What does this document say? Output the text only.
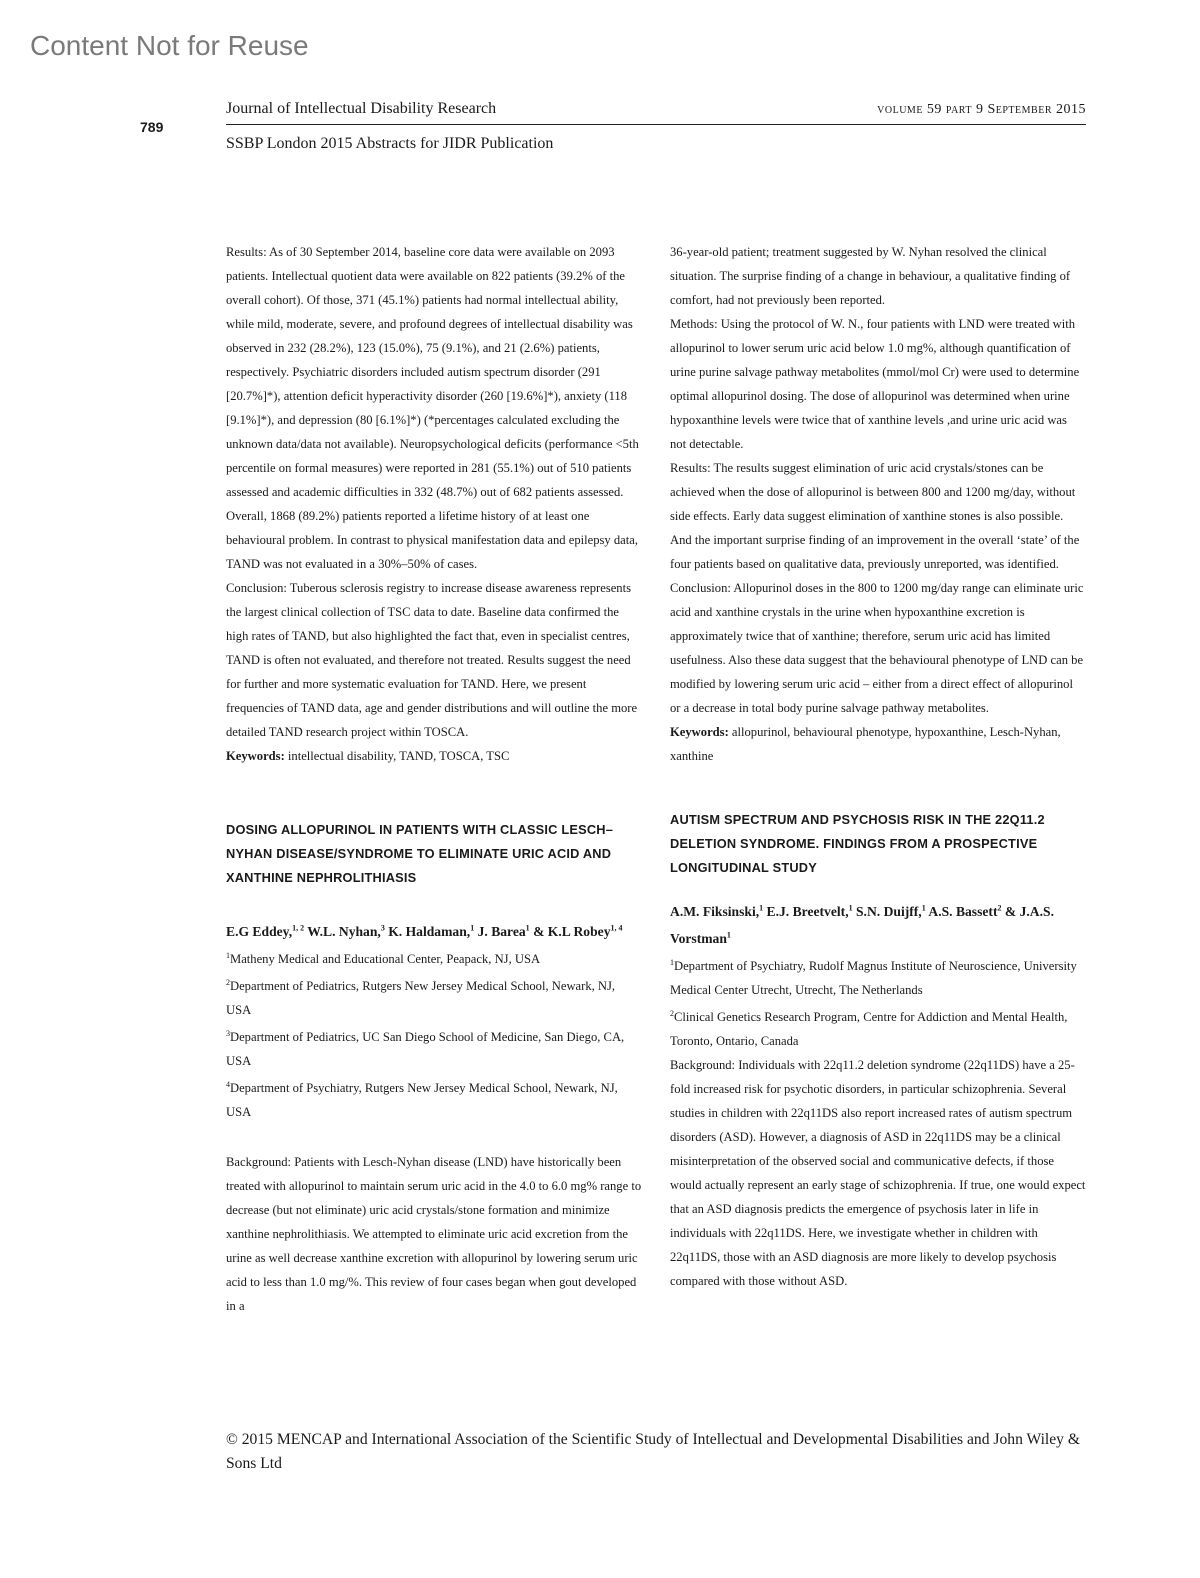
Content Not for Reuse
789
Journal of Intellectual Disability Research	volume 59 part 9 September 2015
SSBP London 2015 Abstracts for JIDR Publication

Results: As of 30 September 2014, baseline core data were available on 2093 patients. Intellectual quotient data were available on 822 patients (39.2% of the overall cohort). Of those, 371 (45.1%) patients had normal intellectual ability, while mild, moderate, severe, and profound degrees of intellectual disability was observed in 232 (28.2%), 123 (15.0%), 75 (9.1%), and 21 (2.6%) patients, respectively. Psychiatric disorders included autism spectrum disorder (291 [20.7%]*), attention deficit hyperactivity disorder (260 [19.6%]*), anxiety (118 [9.1%]*), and depression (80 [6.1%]*) (*percentages calculated excluding the unknown data/data not available). Neuropsychological deficits (performance <5th percentile on formal measures) were reported in 281 (55.1%) out of 510 patients assessed and academic difficulties in 332 (48.7%) out of 682 patients assessed. Overall, 1868 (89.2%) patients reported a lifetime history of at least one behavioural problem. In contrast to physical manifestation data and epilepsy data, TAND was not evaluated in a 30%–50% of cases.

Conclusion: Tuberous sclerosis registry to increase disease awareness represents the largest clinical collection of TSC data to date. Baseline data confirmed the high rates of TAND, but also highlighted the fact that, even in specialist centres, TAND is often not evaluated, and therefore not treated. Results suggest the need for further and more systematic evaluation for TAND. Here, we present frequencies of TAND data, age and gender distributions and will outline the more detailed TAND research project within TOSCA.

Keywords: intellectual disability, TAND, TOSCA, TSC

DOSING ALLOPURINOL IN PATIENTS WITH CLASSIC LESCH–NYHAN DISEASE/SYNDROME TO ELIMINATE URIC ACID AND XANTHINE NEPHROLITHIASIS
E.G Eddey,$^{1, 2}$ W.L. Nyhan,$^3$ K. Haldaman,$^1$ J. Barea$^1$ & K.L Robey$^{1, 4}$
$^1$Matheny Medical and Educational Center, Peapack, NJ, USA
$^2$Department of Pediatrics, Rutgers New Jersey Medical School, Newark, NJ, USA
$^3$Department of Pediatrics, UC San Diego School of Medicine, San Diego, CA, USA
$^4$Department of Psychiatry, Rutgers New Jersey Medical School, Newark, NJ, USA

Background: Patients with Lesch-Nyhan disease (LND) have historically been treated with allopurinol to maintain serum uric acid in the 4.0 to 6.0 mg% range to decrease (but not eliminate) uric acid crystals/stone formation and minimize xanthine nephrolithiasis. We attempted to eliminate uric acid excretion from the urine as well decrease xanthine excretion with allopurinol by lowering serum uric acid to less than 1.0 mg/%. This review of four cases began when gout developed in a

36-year-old patient; treatment suggested by W. Nyhan resolved the clinical situation. The surprise finding of a change in behaviour, a qualitative finding of comfort, had not previously been reported.

Methods: Using the protocol of W. N., four patients with LND were treated with allopurinol to lower serum uric acid below 1.0 mg%, although quantification of urine purine salvage pathway metabolites (mmol/mol Cr) were used to determine optimal allopurinol dosing. The dose of allopurinol was determined when urine hypoxanthine levels were twice that of xanthine levels ,and urine uric acid was not detectable.

Results: The results suggest elimination of uric acid crystals/stones can be achieved when the dose of allopurinol is between 800 and 1200 mg/day, without side effects. Early data suggest elimination of xanthine stones is also possible. And the important surprise finding of an improvement in the overall ‘state’ of the four patients based on qualitative data, previously unreported, was identified.

Conclusion: Allopurinol doses in the 800 to 1200 mg/day range can eliminate uric acid and xanthine crystals in the urine when hypoxanthine excretion is approximately twice that of xanthine; therefore, serum uric acid has limited usefulness. Also these data suggest that the behavioural phenotype of LND can be modified by lowering serum uric acid – either from a direct effect of allopurinol or a decrease in total body purine salvage pathway metabolites.

Keywords: allopurinol, behavioural phenotype, hypoxanthine, Lesch-Nyhan, xanthine

AUTISM SPECTRUM AND PSYCHOSIS RISK IN THE 22Q11.2 DELETION SYNDROME. FINDINGS FROM A PROSPECTIVE LONGITUDINAL STUDY
A.M. Fiksinski,$^1$ E.J. Breetvelt,$^1$ S.N. Duijff,$^1$ A.S. Bassett$^2$ & J.A.S. Vorstman$^1$
$^1$Department of Psychiatry, Rudolf Magnus Institute of Neuroscience, University Medical Center Utrecht, Utrecht, The Netherlands
$^2$Clinical Genetics Research Program, Centre for Addiction and Mental Health, Toronto, Ontario, Canada

Background: Individuals with 22q11.2 deletion syndrome (22q11DS) have a 25-fold increased risk for psychotic disorders, in particular schizophrenia. Several studies in children with 22q11DS also report increased rates of autism spectrum disorders (ASD). However, a diagnosis of ASD in 22q11DS may be a clinical misinterpretation of the observed social and communicative defects, if those would actually represent an early stage of schizophrenia. If true, one would expect that an ASD diagnosis predicts the emergence of psychosis later in life in individuals with 22q11DS. Here, we investigate whether in children with 22q11DS, those with an ASD diagnosis are more likely to develop psychosis compared with those without ASD.

© 2015 MENCAP and International Association of the Scientific Study of Intellectual and Developmental Disabilities and John Wiley & Sons Ltd
